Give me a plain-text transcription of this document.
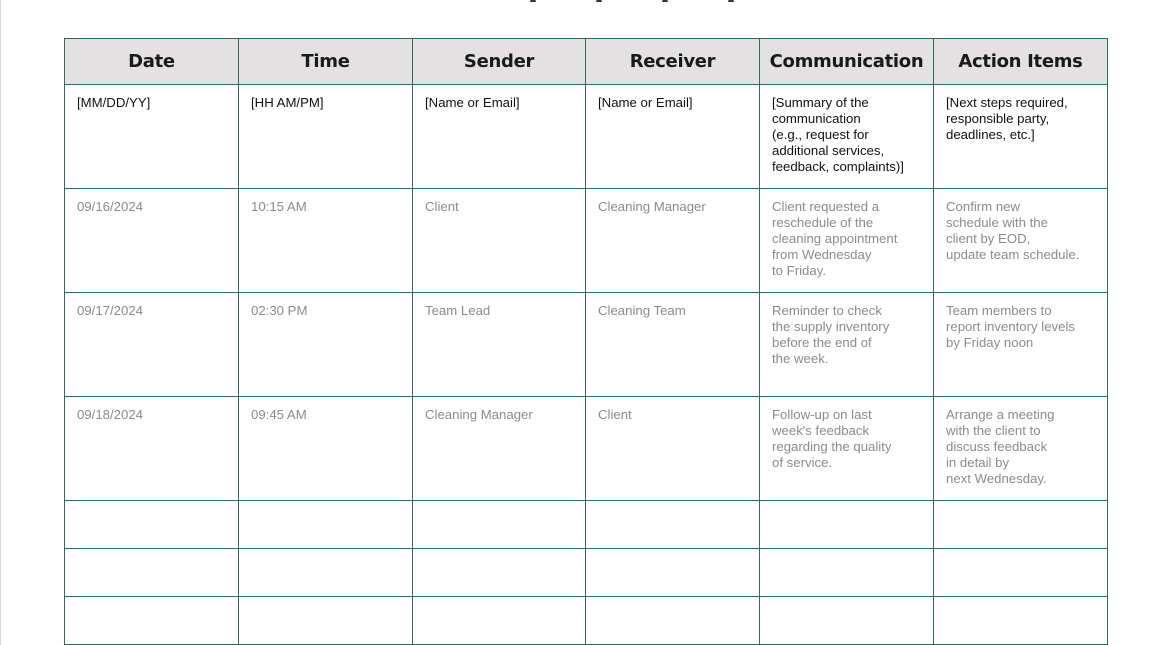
Date	Time	Sender	Receiver	Communication	Action Items

[MM/DD/YY]	[HH AM/PM]	[Name or Email]	[Name or Email]	[Summary of the
communication
(e.g., request for
additional services,
feedback, complaints)]	[Next steps required,
responsible party,
deadlines, etc.]

09/16/2024	10:15 AM	Client	Cleaning Manager	Client requested a
reschedule of the
cleaning appointment
from Wednesday
to Friday.	Confirm new
schedule with the
client by EOD,
update team schedule.

09/17/2024	02:30 PM	Team Lead	Cleaning Team	Reminder to check
the supply inventory
before the end of
the week.	Team members to
report inventory levels
by Friday noon

09/18/2024	09:45 AM	Cleaning Manager	Client	Follow-up on last
week's feedback
regarding the quality
of service.	Arrange a meeting
with the client to
discuss feedback
in detail by
next Wednesday.
